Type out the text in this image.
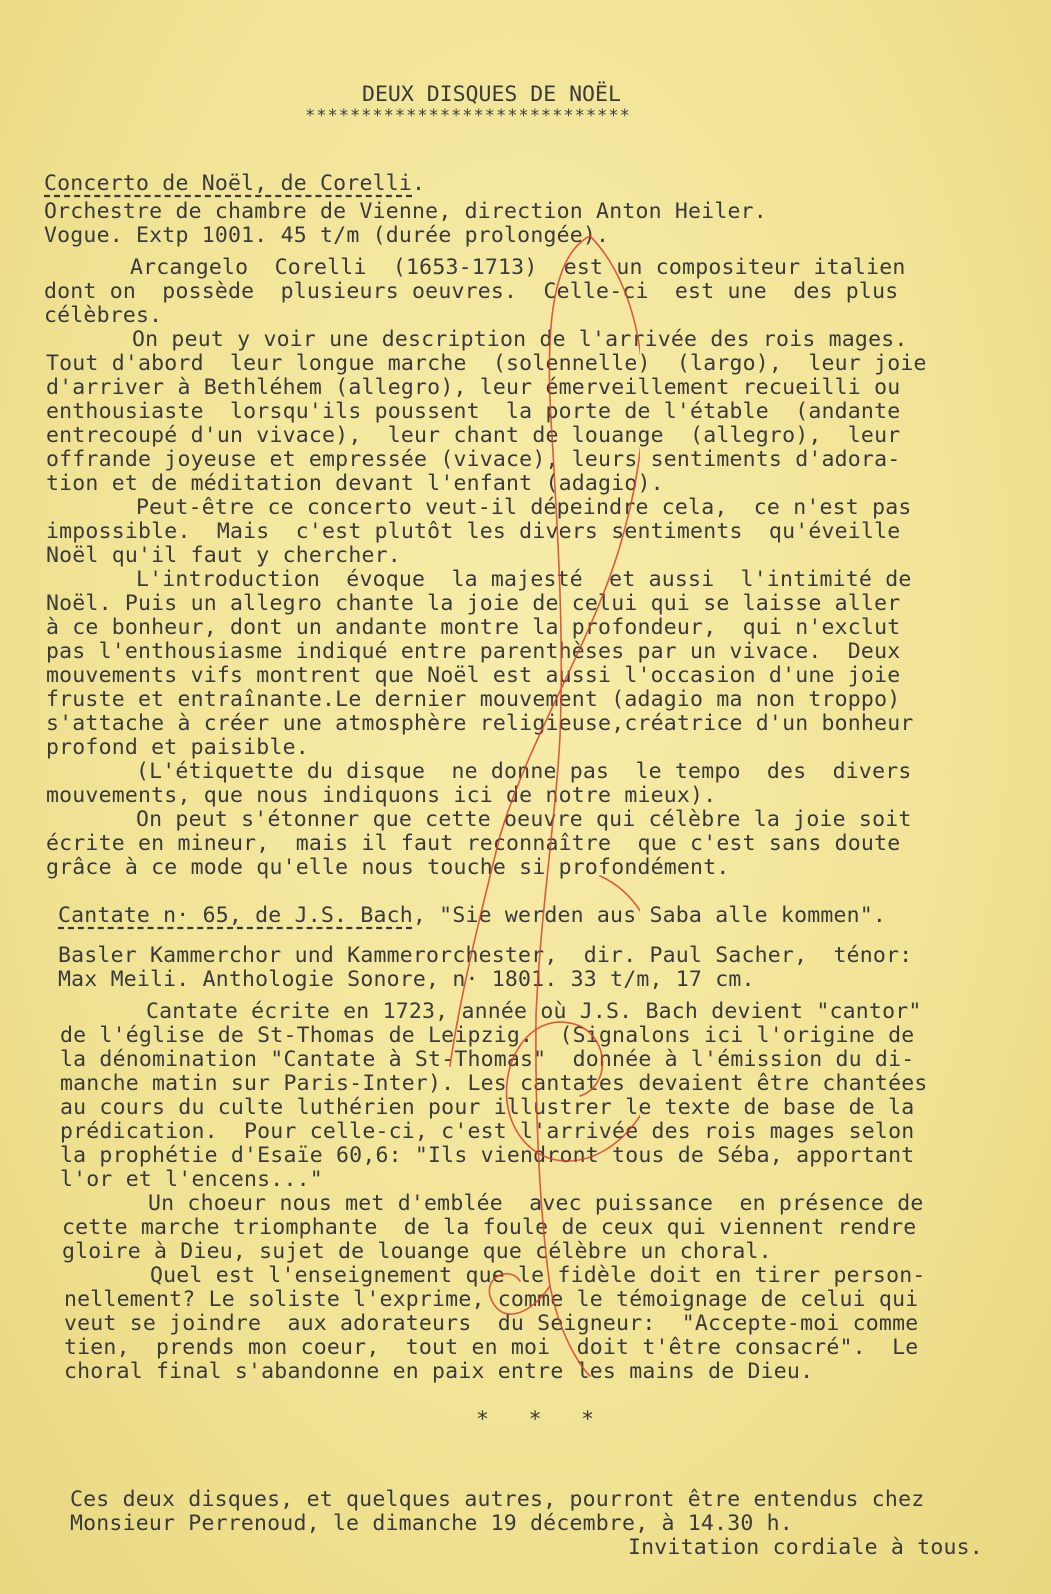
DEUX DISQUES DE NOËL
*****************************
Concerto de Noël, de Corelli.
Orchestre de chambre de Vienne, direction Anton Heiler.
Vogue. Extp 1001. 45 t/m (durée prolongée).
Arcangelo  Corelli  (1653-1713)  est un compositeur italien
dont on  possède  plusieurs oeuvres.  Celle-ci  est une  des plus
célèbres.
On peut y voir une description de l'arrivée des rois mages.
Tout d'abord  leur longue marche  (solennelle)  (largo),  leur joie
d'arriver à Bethléhem (allegro), leur émerveillement recueilli ou
enthousiaste  lorsqu'ils poussent  la porte de l'étable  (andante
entrecoupé d'un vivace),  leur chant de louange  (allegro),  leur
offrande joyeuse et empressée (vivace), leurs sentiments d'adora-
tion et de méditation devant l'enfant (adagio).
Peut-être ce concerto veut-il dépeindre cela,  ce n'est pas
impossible.  Mais  c'est plutôt les divers sentiments  qu'éveille
Noël qu'il faut y chercher.
L'introduction  évoque  la majesté  et aussi  l'intimité de
Noël. Puis un allegro chante la joie de celui qui se laisse aller
à ce bonheur, dont un andante montre la profondeur,  qui n'exclut
pas l'enthousiasme indiqué entre parenthèses par un vivace.  Deux
mouvements vifs montrent que Noël est aussi l'occasion d'une joie
fruste et entraînante.Le dernier mouvement (adagio ma non troppo)
s'attache à créer une atmosphère religieuse,créatrice d'un bonheur
profond et paisible.
(L'étiquette du disque  ne donne pas  le tempo  des  divers
mouvements, que nous indiquons ici de notre mieux).
On peut s'étonner que cette oeuvre qui célèbre la joie soit
écrite en mineur,  mais il faut reconnaître  que c'est sans doute
grâce à ce mode qu'elle nous touche si profondément.
Cantate n· 65, de J.S. Bach, "Sie werden aus Saba alle kommen".
Basler Kammerchor und Kammerorchester,  dir. Paul Sacher,  ténor:
Max Meili. Anthologie Sonore, n· 1801. 33 t/m, 17 cm.
Cantate écrite en 1723, année où J.S. Bach devient "cantor"
de l'église de St-Thomas de Leipzig.  (Signalons ici l'origine de
la dénomination "Cantate à St-Thomas"  donnée à l'émission du di-
manche matin sur Paris-Inter). Les cantates devaient être chantées
au cours du culte luthérien pour illustrer le texte de base de la
prédication.  Pour celle-ci, c'est l'arrivée des rois mages selon
la prophétie d'Esaïe 60,6: "Ils viendront tous de Séba, apportant
l'or et l'encens..."
Un choeur nous met d'emblée  avec puissance  en présence de
cette marche triomphante  de la foule de ceux qui viennent rendre
gloire à Dieu, sujet de louange que célèbre un choral.
Quel est l'enseignement que le fidèle doit en tirer person-
nellement? Le soliste l'exprime, comme le témoignage de celui qui
veut se joindre  aux adorateurs  du Seigneur:  "Accepte-moi comme
tien,  prends mon coeur,  tout en moi  doit t'être consacré".  Le
choral final s'abandonne en paix entre les mains de Dieu.
*   *   *
Ces deux disques, et quelques autres, pourront être entendus chez
Monsieur Perrenoud, le dimanche 19 décembre, à 14.30 h.
Invitation cordiale à tous.
